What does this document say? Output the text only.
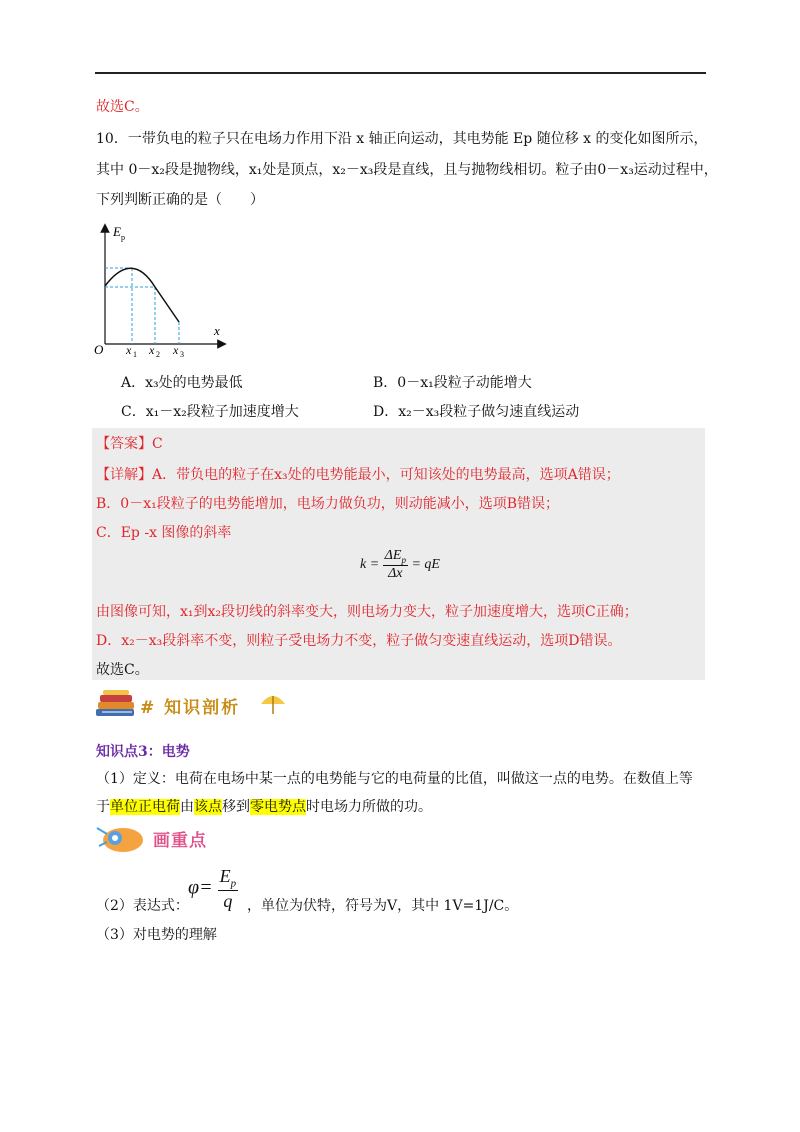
故选C。
10．一带负电的粒子只在电场力作用下沿 x 轴正向运动，其电势能 Ep 随位移 x 的变化如图所示，
其中 0－x₂段是抛物线，x₁处是顶点，x₂－x₃段是直线，且与抛物线相切。粒子由0－x₃运动过程中，
下列判断正确的是（　　）
E p
x
O x 1 x 2 x 3
A．x₃处的电势最低	B．0－x₁段粒子动能增大
C．x₁－x₂段粒子加速度增大	D．x₂－x₃段粒子做匀速直线运动
【答案】C
【详解】A．带负电的粒子在x₃处的电势能最小，可知该处的电势最高，选项A错误；
B．0－x₁段粒子的电势能增加，电场力做负功，则动能减小，选项B错误；
C．Ep -x 图像的斜率
$k = \frac{\Delta E_p}{\Delta x}$ = qE
由图像可知，x₁到x₂段切线的斜率变大，则电场力变大，粒子加速度增大，选项C正确；
D．x₂－x₃段斜率不变，则粒子受电场力不变，粒子做匀变速直线运动，选项D错误。
故选C。
# 知识剖析
知识点3：电势
（1）定义：电荷在电场中某一点的电势能与它的电荷量的比值，叫做这一点的电势。在数值上等
于单位正电荷由该点移到零电势点时电场力所做的功。
画重点
（2）表达式：
$\varphi= \frac{E_p}{q}$ ，单位为伏特，符号为V，其中 1V=1J/C。
（3）对电势的理解
